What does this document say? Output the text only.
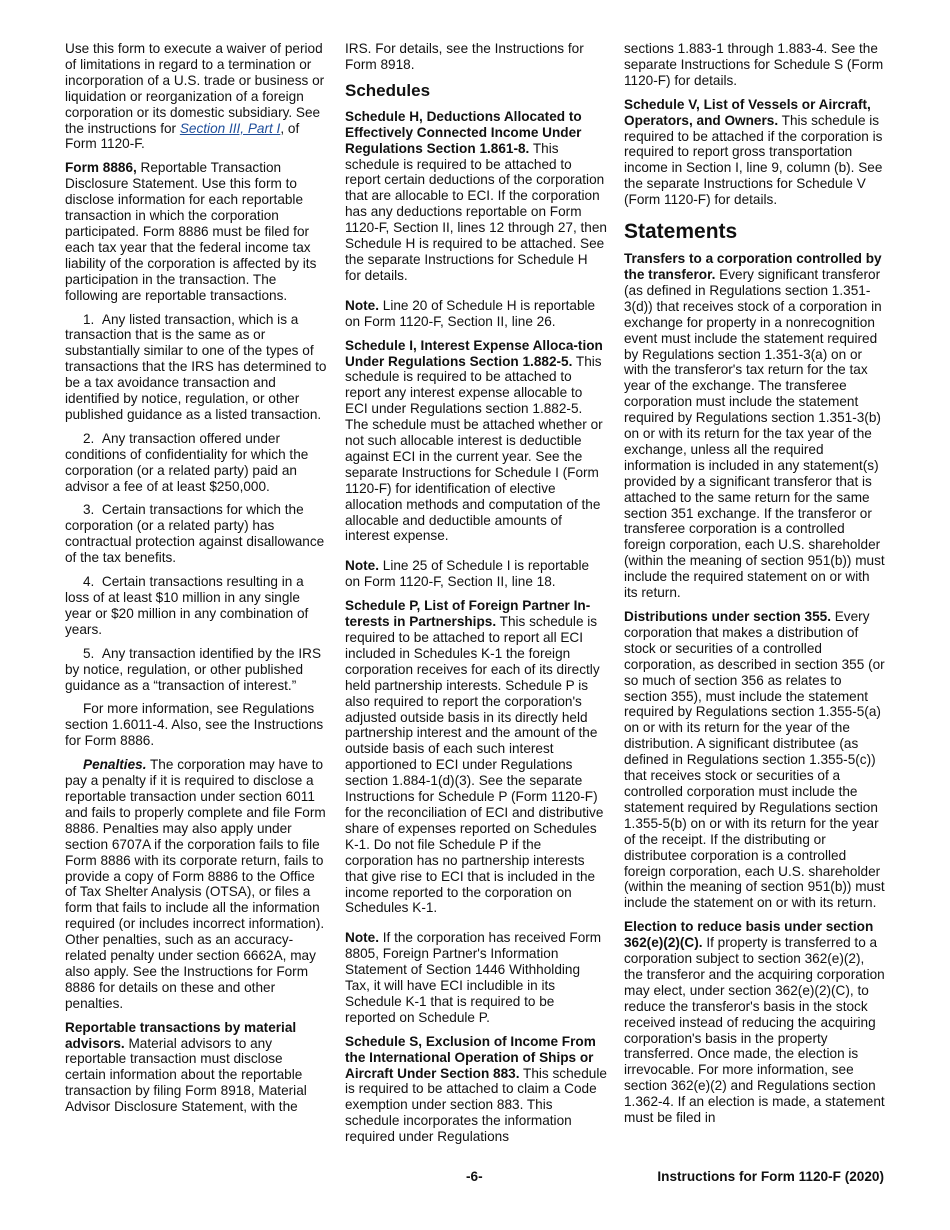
Use this form to execute a waiver of period of limitations in regard to a termination or incorporation of a U.S. trade or business or liquidation or reorganization of a foreign corporation or its domestic subsidiary. See the instructions for Section III, Part I, of Form 1120-F.

Form 8886, Reportable Transaction Disclosure Statement. Use this form to disclose information for each reportable transaction in which the corporation participated. Form 8886 must be filed for each tax year that the federal income tax liability of the corporation is affected by its participation in the transaction. The following are reportable transactions.

1.  Any listed transaction, which is a transaction that is the same as or substantially similar to one of the types of transactions that the IRS has determined to be a tax avoidance transaction and identified by notice, regulation, or other published guidance as a listed transaction.

2.  Any transaction offered under conditions of confidentiality for which the corporation (or a related party) paid an advisor a fee of at least $250,000.

3.  Certain transactions for which the corporation (or a related party) has contractual protection against disallowance of the tax benefits.

4.  Certain transactions resulting in a loss of at least $10 million in any single year or $20 million in any combination of years.

5.  Any transaction identified by the IRS by notice, regulation, or other published guidance as a “transaction of interest.”

For more information, see Regulations section 1.6011-4. Also, see the Instructions for Form 8886.

Penalties. The corporation may have to pay a penalty if it is required to disclose a reportable transaction under section 6011 and fails to properly complete and file Form 8886. Penalties may also apply under section 6707A if the corporation fails to file Form 8886 with its corporate return, fails to provide a copy of Form 8886 to the Office of Tax Shelter Analysis (OTSA), or files a form that fails to include all the information required (or includes incorrect information). Other penalties, such as an accuracy-related penalty under section 6662A, may also apply. See the Instructions for Form 8886 for details on these and other penalties.

Reportable transactions by material advisors. Material advisors to any reportable transaction must disclose certain information about the reportable transaction by filing Form 8918, Material Advisor Disclosure Statement, with the

IRS. For details, see the Instructions for Form 8918.

Schedules

Schedule H, Deductions Allocated to Effectively Connected Income Under Regulations Section 1.861-8. This schedule is required to be attached to report certain deductions of the corporation that are allocable to ECI. If the corporation has any deductions reportable on Form 1120-F, Section II, lines 12 through 27, then Schedule H is required to be attached. See the separate Instructions for Schedule H for details.

Note. Line 20 of Schedule H is reportable on Form 1120-F, Section II, line 26.

Schedule I, Interest Expense Alloca-tion Under Regulations Section 1.882-5. This schedule is required to be attached to report any interest expense allocable to ECI under Regulations section 1.882-5. The schedule must be attached whether or not such allocable interest is deductible against ECI in the current year. See the separate Instructions for Schedule I (Form 1120-F) for identification of elective allocation methods and computation of the allocable and deductible amounts of interest expense.

Note. Line 25 of Schedule I is reportable on Form 1120-F, Section II, line 18.

Schedule P, List of Foreign Partner In-terests in Partnerships. This schedule is required to be attached to report all ECI included in Schedules K-1 the foreign corporation receives for each of its directly held partnership interests. Schedule P is also required to report the corporation's adjusted outside basis in its directly held partnership interest and the amount of the outside basis of each such interest apportioned to ECI under Regulations section 1.884-1(d)(3). See the separate Instructions for Schedule P (Form 1120-F) for the reconciliation of ECI and distributive share of expenses reported on Schedules K-1. Do not file Schedule P if the corporation has no partnership interests that give rise to ECI that is included in the income reported to the corporation on Schedules K-1.

Note. If the corporation has received Form 8805, Foreign Partner's Information Statement of Section 1446 Withholding Tax, it will have ECI includible in its Schedule K-1 that is required to be reported on Schedule P.

Schedule S, Exclusion of Income From the International Operation of Ships or Aircraft Under Section 883. This schedule is required to be attached to claim a Code exemption under section 883. This schedule incorporates the information required under Regulations

sections 1.883-1 through 1.883-4. See the separate Instructions for Schedule S (Form 1120-F) for details.

Schedule V, List of Vessels or Aircraft, Operators, and Owners. This schedule is required to be attached if the corporation is required to report gross transportation income in Section I, line 9, column (b). See the separate Instructions for Schedule V (Form 1120-F) for details.

Statements

Transfers to a corporation controlled by the transferor. Every significant transferor (as defined in Regulations section 1.351-3(d)) that receives stock of a corporation in exchange for property in a nonrecognition event must include the statement required by Regulations section 1.351-3(a) on or with the transferor's tax return for the tax year of the exchange. The transferee corporation must include the statement required by Regulations section 1.351-3(b) on or with its return for the tax year of the exchange, unless all the required information is included in any statement(s) provided by a significant transferor that is attached to the same return for the same section 351 exchange. If the transferor or transferee corporation is a controlled foreign corporation, each U.S. shareholder (within the meaning of section 951(b)) must include the required statement on or with its return.

Distributions under section 355. Every corporation that makes a distribution of stock or securities of a controlled corporation, as described in section 355 (or so much of section 356 as relates to section 355), must include the statement required by Regulations section 1.355-5(a) on or with its return for the year of the distribution. A significant distributee (as defined in Regulations section 1.355-5(c)) that receives stock or securities of a controlled corporation must include the statement required by Regulations section 1.355-5(b) on or with its return for the year of the receipt. If the distributing or distributee corporation is a controlled foreign corporation, each U.S. shareholder (within the meaning of section 951(b)) must include the statement on or with its return.

Election to reduce basis under section 362(e)(2)(C). If property is transferred to a corporation subject to section 362(e)(2), the transferor and the acquiring corporation may elect, under section 362(e)(2)(C), to reduce the transferor's basis in the stock received instead of reducing the acquiring corporation's basis in the property transferred. Once made, the election is irrevocable. For more information, see section 362(e)(2) and Regulations section 1.362-4. If an election is made, a statement must be filed in

-6-	Instructions for Form 1120-F (2020)
